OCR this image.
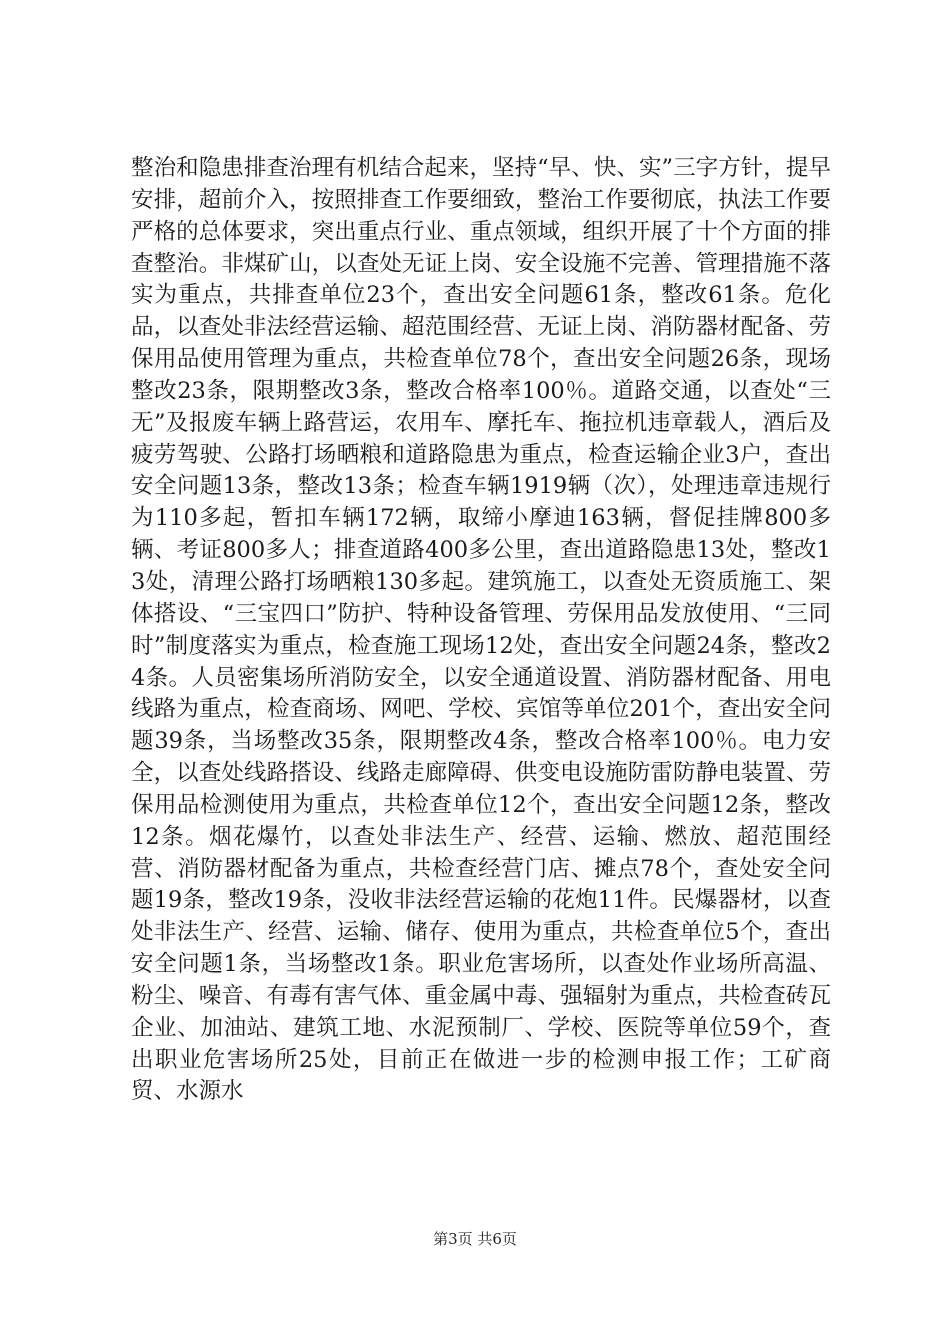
整治和隐患排查治理有机结合起来，坚持“早、快、实”三字方针，提早安排，超前介入，按照排查工作要细致，整治工作要彻底，执法工作要严格的总体要求，突出重点行业、重点领域，组织开展了十个方面的排查整治。非煤矿山，以查处无证上岗、安全设施不完善、管理措施不落实为重点，共排查单位23个，查出安全问题61条，整改61条。危化品，以查处非法经营运输、超范围经营、无证上岗、消防器材配备、劳保用品使用管理为重点，共检查单位78个，查出安全问题26条，现场整改23条，限期整改3条，整改合格率100％。道路交通，以查处“三无”及报废车辆上路营运，农用车、摩托车、拖拉机违章载人，酒后及疲劳驾驶、公路打场晒粮和道路隐患为重点，检查运输企业3户，查出安全问题13条，整改13条；检查车辆1919辆（次），处理违章违规行为110多起，暂扣车辆172辆，取缔小摩迪163辆，督促挂牌800多辆、考证800多人；排查道路400多公里，查出道路隐患13处，整改13处，清理公路打场晒粮130多起。建筑施工，以查处无资质施工、架体搭设、“三宝四口”防护、特种设备管理、劳保用品发放使用、“三同时”制度落实为重点，检查施工现场12处，查出安全问题24条，整改24条。人员密集场所消防安全，以安全通道设置、消防器材配备、用电线路为重点，检查商场、网吧、学校、宾馆等单位201个，查出安全问题39条，当场整改35条，限期整改4条，整改合格率100％。电力安全，以查处线路搭设、线路走廊障碍、供变电设施防雷防静电装置、劳保用品检测使用为重点，共检查单位12个，查出安全问题12条，整改12条。烟花爆竹，以查处非法生产、经营、运输、燃放、超范围经营、消防器材配备为重点，共检查经营门店、摊点78个，查处安全问题19条，整改19条，没收非法经营运输的花炮11件。民爆器材，以查处非法生产、经营、运输、储存、使用为重点，共检查单位5个，查出安全问题1条，当场整改1条。职业危害场所，以查处作业场所高温、粉尘、噪音、有毒有害气体、重金属中毒、强辐射为重点，共检查砖瓦企业、加油站、建筑工地、水泥预制厂、学校、医院等单位59个，查出职业危害场所25处，目前正在做进一步的检测申报工作；工矿商贸、水源水

第3页 共6页
